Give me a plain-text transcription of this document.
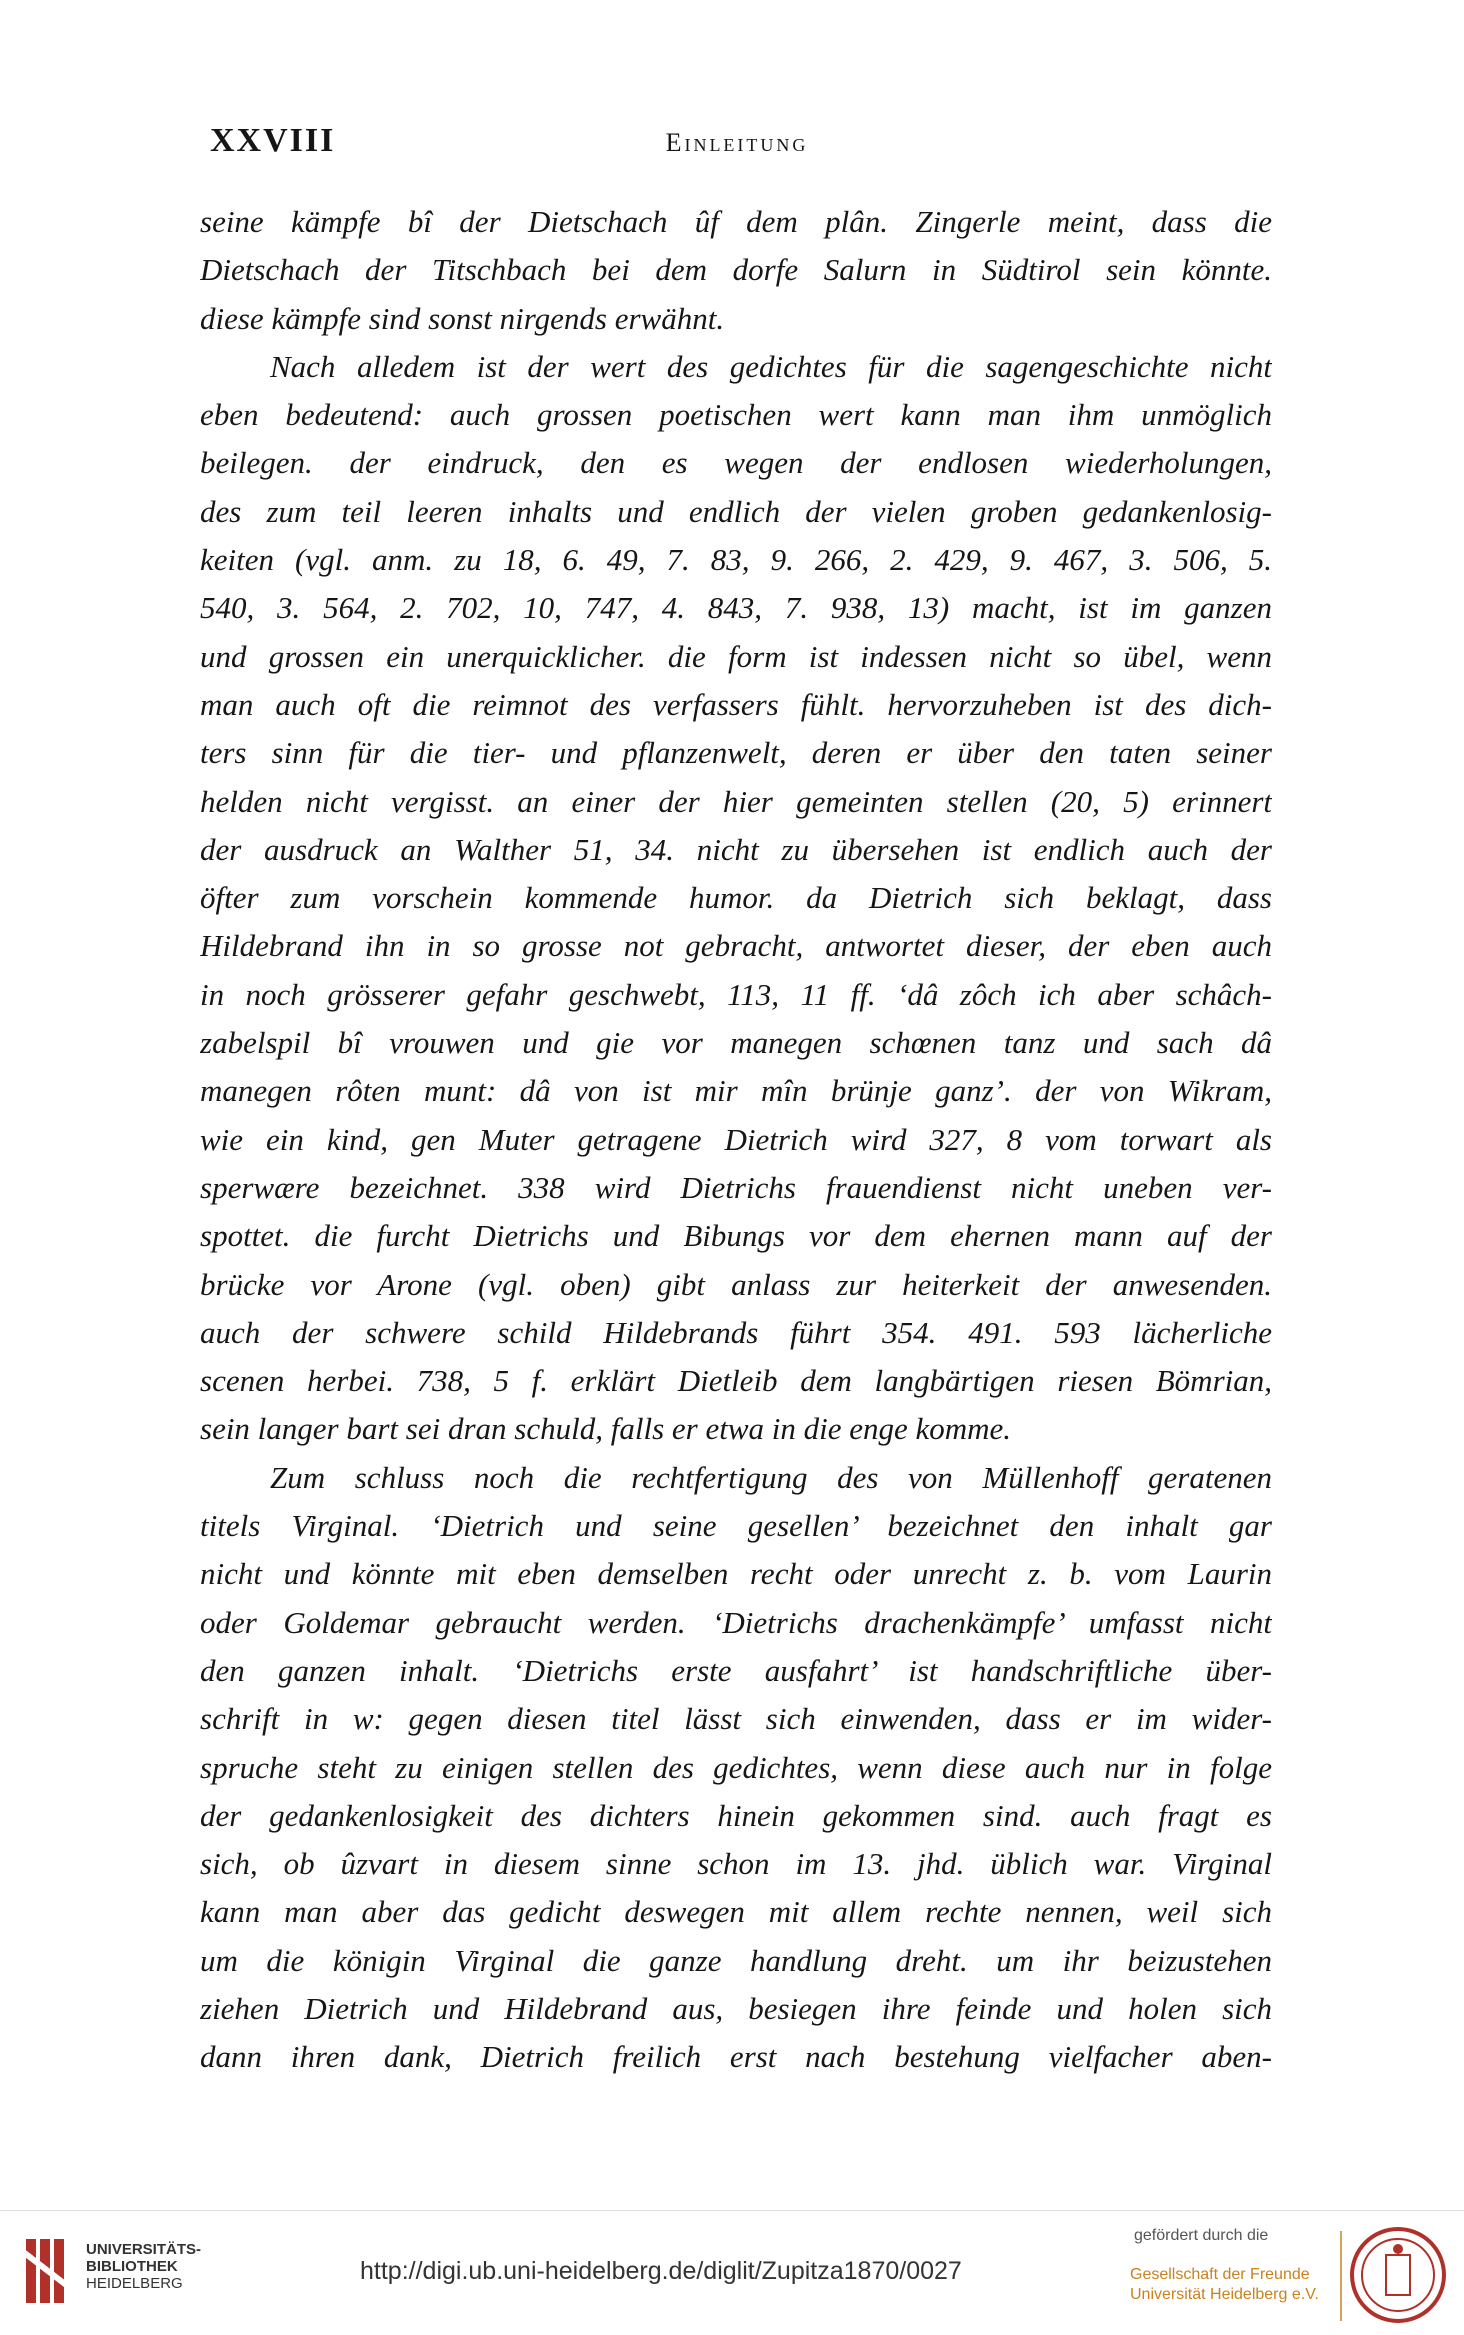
XXVIII	Einleitung
seine kämpfe bî der Dietschach ûf dem plân. Zingerle meint, dass die
Dietschach der Titschbach bei dem dorfe Salurn in Südtirol sein könnte.
diese kämpfe sind sonst nirgends erwähnt.
Nach alledem ist der wert des gedichtes für die sagengeschichte nicht
eben bedeutend: auch grossen poetischen wert kann man ihm unmöglich
beilegen. der eindruck, den es wegen der endlosen wiederholungen,
des zum teil leeren inhalts und endlich der vielen groben gedankenlosig-
keiten (vgl. anm. zu 18, 6. 49, 7. 83, 9. 266, 2. 429, 9. 467, 3. 506, 5.
540, 3. 564, 2. 702, 10, 747, 4. 843, 7. 938, 13) macht, ist im ganzen
und grossen ein unerquicklicher. die form ist indessen nicht so übel, wenn
man auch oft die reimnot des verfassers fühlt. hervorzuheben ist des dich-
ters sinn für die tier- und pflanzenwelt, deren er über den taten seiner
helden nicht vergisst. an einer der hier gemeinten stellen (20, 5) erinnert
der ausdruck an Walther 51, 34. nicht zu übersehen ist endlich auch der
öfter zum vorschein kommende humor. da Dietrich sich beklagt, dass
Hildebrand ihn in so grosse not gebracht, antwortet dieser, der eben auch
in noch grösserer gefahr geschwebt, 113, 11 ff. ‘dâ zôch ich aber schâch-
zabelspil bî vrouwen und gie vor manegen schœnen tanz und sach dâ
manegen rôten munt: dâ von ist mir mîn brünje ganz’. der von Wikram,
wie ein kind, gen Muter getragene Dietrich wird 327, 8 vom torwart als
sperwære bezeichnet. 338 wird Dietrichs frauendienst nicht uneben ver-
spottet. die furcht Dietrichs und Bibungs vor dem ehernen mann auf der
brücke vor Arone (vgl. oben) gibt anlass zur heiterkeit der anwesenden.
auch der schwere schild Hildebrands führt 354. 491. 593 lächerliche
scenen herbei. 738, 5 f. erklärt Dietleib dem langbärtigen riesen Bömrian,
sein langer bart sei dran schuld, falls er etwa in die enge komme.
Zum schluss noch die rechtfertigung des von Müllenhoff geratenen
titels Virginal. ‘Dietrich und seine gesellen’ bezeichnet den inhalt gar
nicht und könnte mit eben demselben recht oder unrecht z. b. vom Laurin
oder Goldemar gebraucht werden. ‘Dietrichs drachenkämpfe’ umfasst nicht
den ganzen inhalt. ‘Dietrichs erste ausfahrt’ ist handschriftliche über-
schrift in w: gegen diesen titel lässt sich einwenden, dass er im wider-
spruche steht zu einigen stellen des gedichtes, wenn diese auch nur in folge
der gedankenlosigkeit des dichters hinein gekommen sind. auch fragt es
sich, ob ûzvart in diesem sinne schon im 13. jhd. üblich war. Virginal
kann man aber das gedicht deswegen mit allem rechte nennen, weil sich
um die königin Virginal die ganze handlung dreht. um ihr beizustehen
ziehen Dietrich und Hildebrand aus, besiegen ihre feinde und holen sich
dann ihren dank, Dietrich freilich erst nach bestehung vielfacher aben-
UNIVERSITÄTS-
BIBLIOTHEK
HEIDELBERG	http://digi.ub.uni-heidelberg.de/diglit/Zupitza1870/0027
gefördert durch die
Gesellschaft der Freunde
Universität Heidelberg e.V.
